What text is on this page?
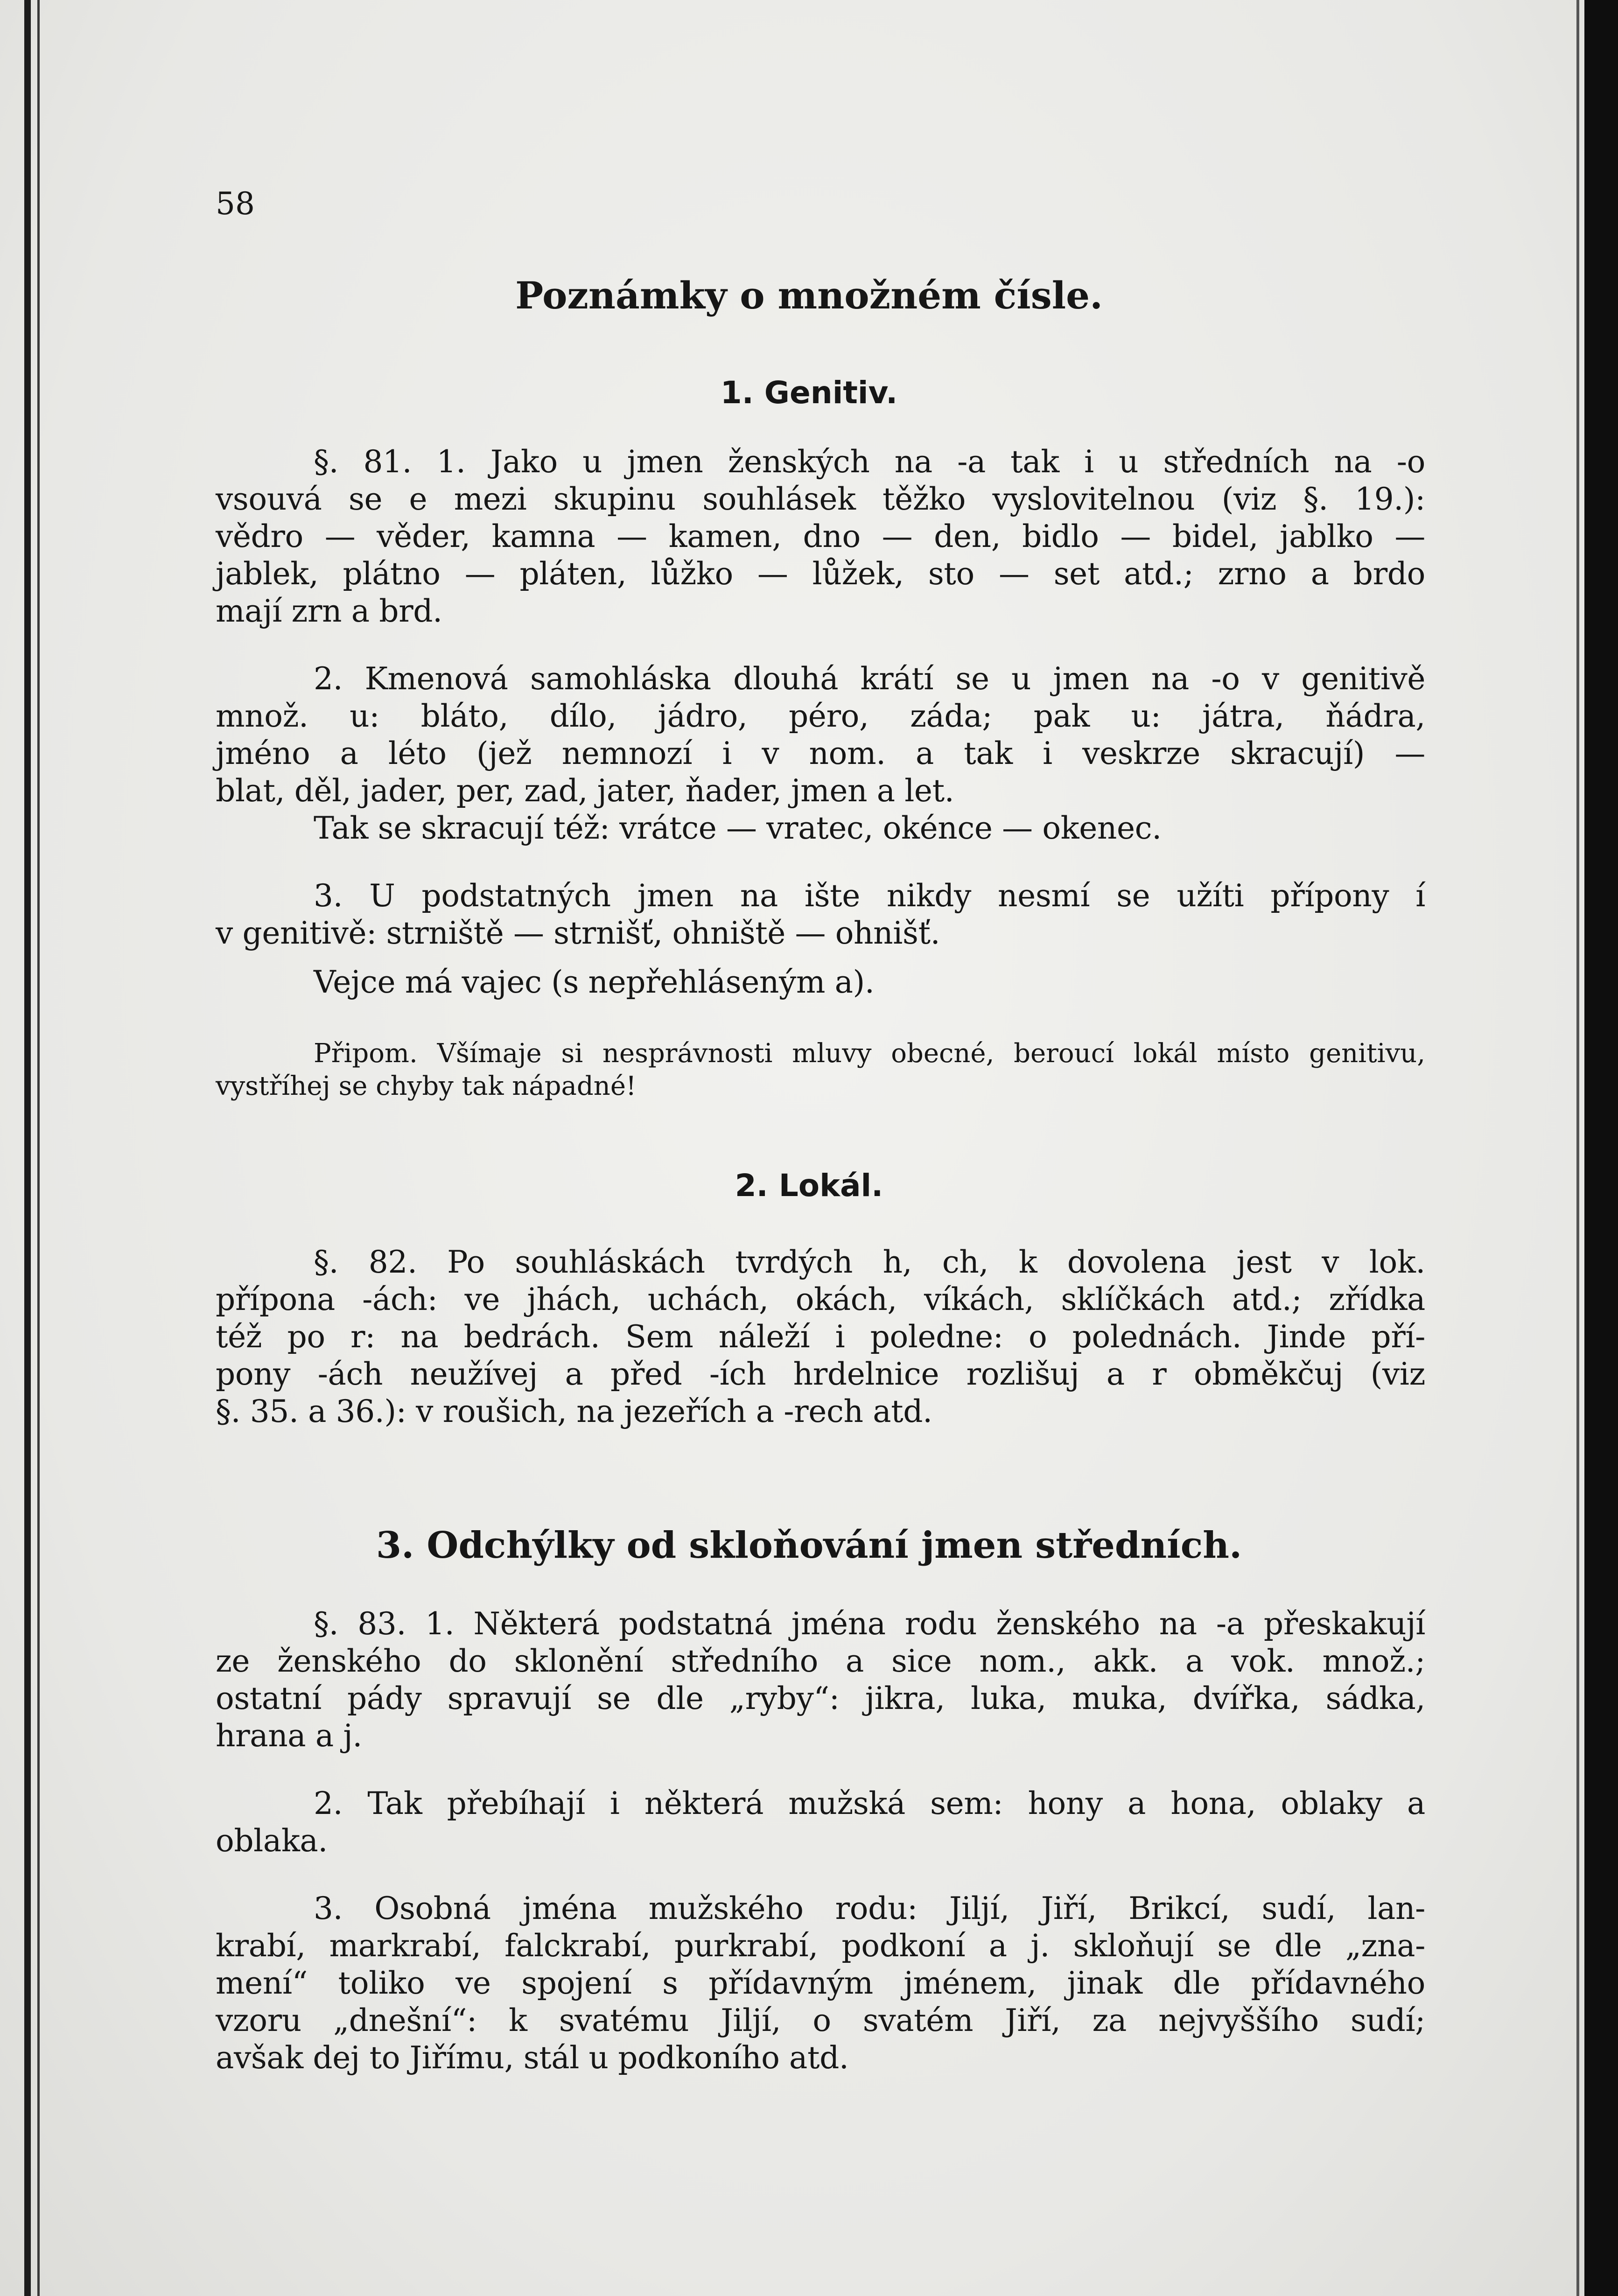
58
Poznámky o množném čísle.
1. Genitiv.
§. 81. 1. Jako u jmen ženských na -a tak i u středních na -o
vsouvá se e mezi skupinu souhlásek těžko vyslovitelnou (viz §. 19.):
vědro — věder, kamna — kamen, dno — den, bidlo — bidel, jablko —
jablek, plátno — pláten, lůžko — lůžek, sto — set atd.; zrno a brdo
mají zrn a brd.
2. Kmenová samohláska dlouhá krátí se u jmen na -o v genitivě
množ. u: bláto, dílo, jádro, péro, záda; pak u: játra, ňádra,
jméno a léto (jež nemnozí i v nom. a tak i veskrze skracují) —
blat, děl, jader, per, zad, jater, ňader, jmen a let.
Tak se skracují též: vrátce — vratec, okénce — okenec.
3. U podstatných jmen na ište nikdy nesmí se užíti přípony í
v genitivě: strniště — strnišť, ohniště — ohnišť.
Vejce má vajec (s nepřehláseným a).
Připom. Všímaje si nesprávnosti mluvy obecné, beroucí lokál místo genitivu,
vystříhej se chyby tak nápadné!
2. Lokál.
§. 82. Po souhláskách tvrdých h, ch, k dovolena jest v lok.
přípona -ách: ve jhách, uchách, okách, víkách, sklíčkách atd.; zřídka
též po r: na bedrách. Sem náleží i poledne: o polednách. Jinde pří-
pony -ách neužívej a před -ích hrdelnice rozlišuj a r obměkčuj (viz
§. 35. a 36.): v roušich, na jezeřích a -rech atd.
3. Odchýlky od skloňování jmen středních.
§. 83. 1. Některá podstatná jména rodu ženského na -a přeskakují
ze ženského do sklonění středního a sice nom., akk. a vok. množ.;
ostatní pády spravují se dle „ryby“: jikra, luka, muka, dvířka, sádka,
hrana a j.
2. Tak přebíhají i některá mužská sem: hony a hona, oblaky a
oblaka.
3. Osobná jména mužského rodu: Jiljí, Jiří, Brikcí, sudí, lan-
krabí, markrabí, falckrabí, purkrabí, podkoní a j. skloňují se dle „zna-
mení“ toliko ve spojení s přídavným jménem, jinak dle přídavného
vzoru „dnešní“: k svatému Jiljí, o svatém Jiří, za nejvyššího sudí;
avšak dej to Jiřímu, stál u podkoního atd.
